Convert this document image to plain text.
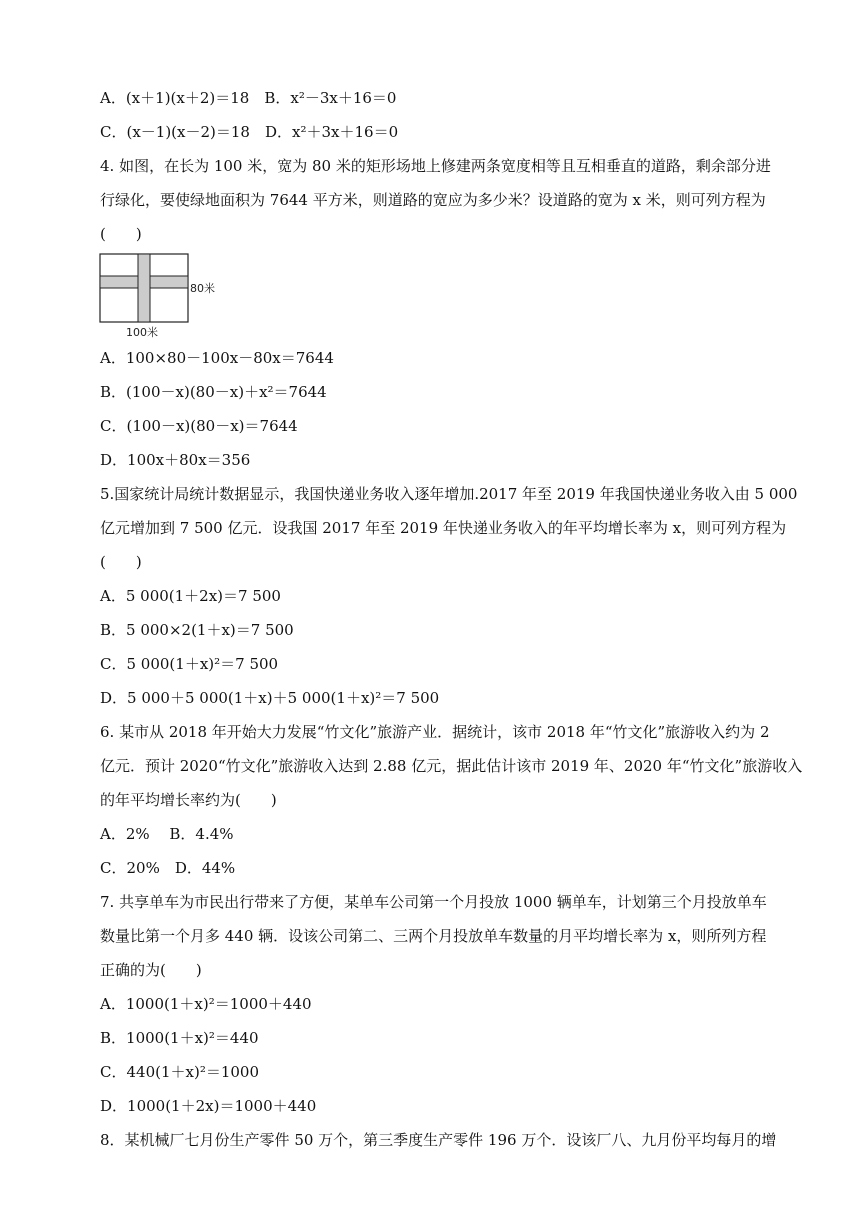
A．(x＋1)(x＋2)＝18　B．x²－3x＋16＝0
C．(x－1)(x－2)＝18　D．x²＋3x＋16＝0
4. 如图，在长为 100 米，宽为 80 米的矩形场地上修建两条宽度相等且互相垂直的道路，剩余部分进
行绿化，要使绿地面积为 7644 平方米，则道路的宽应为多少米？设道路的宽为 x 米，则可列方程为
(　　)
A．100×80－100x－80x＝7644
B．(100－x)(80－x)＋x²＝7644
C．(100－x)(80－x)＝7644
D．100x＋80x＝356
5.国家统计局统计数据显示，我国快递业务收入逐年增加.2017 年至 2019 年我国快递业务收入由 5 000
亿元增加到 7 500 亿元．设我国 2017 年至 2019 年快递业务收入的年平均增长率为 x，则可列方程为
(　　)
A．5 000(1＋2x)＝7 500
B．5 000×2(1＋x)＝7 500
C．5 000(1＋x)²＝7 500
D．5 000＋5 000(1＋x)＋5 000(1＋x)²＝7 500
6. 某市从 2018 年开始大力发展“竹文化”旅游产业．据统计，该市 2018 年“竹文化”旅游收入约为 2
亿元．预计 2020“竹文化”旅游收入达到 2.88 亿元，据此估计该市 2019 年、2020 年“竹文化”旅游收入
的年平均增长率约为(　　)
A．2%　 B．4.4%
C．20%　D．44%
7. 共享单车为市民出行带来了方便，某单车公司第一个月投放 1000 辆单车，计划第三个月投放单车
数量比第一个月多 440 辆．设该公司第二、三两个月投放单车数量的月平均增长率为 x，则所列方程
正确的为(　　)
A．1000(1＋x)²＝1000＋440
B．1000(1＋x)²＝440
C．440(1＋x)²＝1000
D．1000(1＋2x)＝1000＋440
8．某机械厂七月份生产零件 50 万个，第三季度生产零件 196 万个．设该厂八、九月份平均每月的增
80米
100米
